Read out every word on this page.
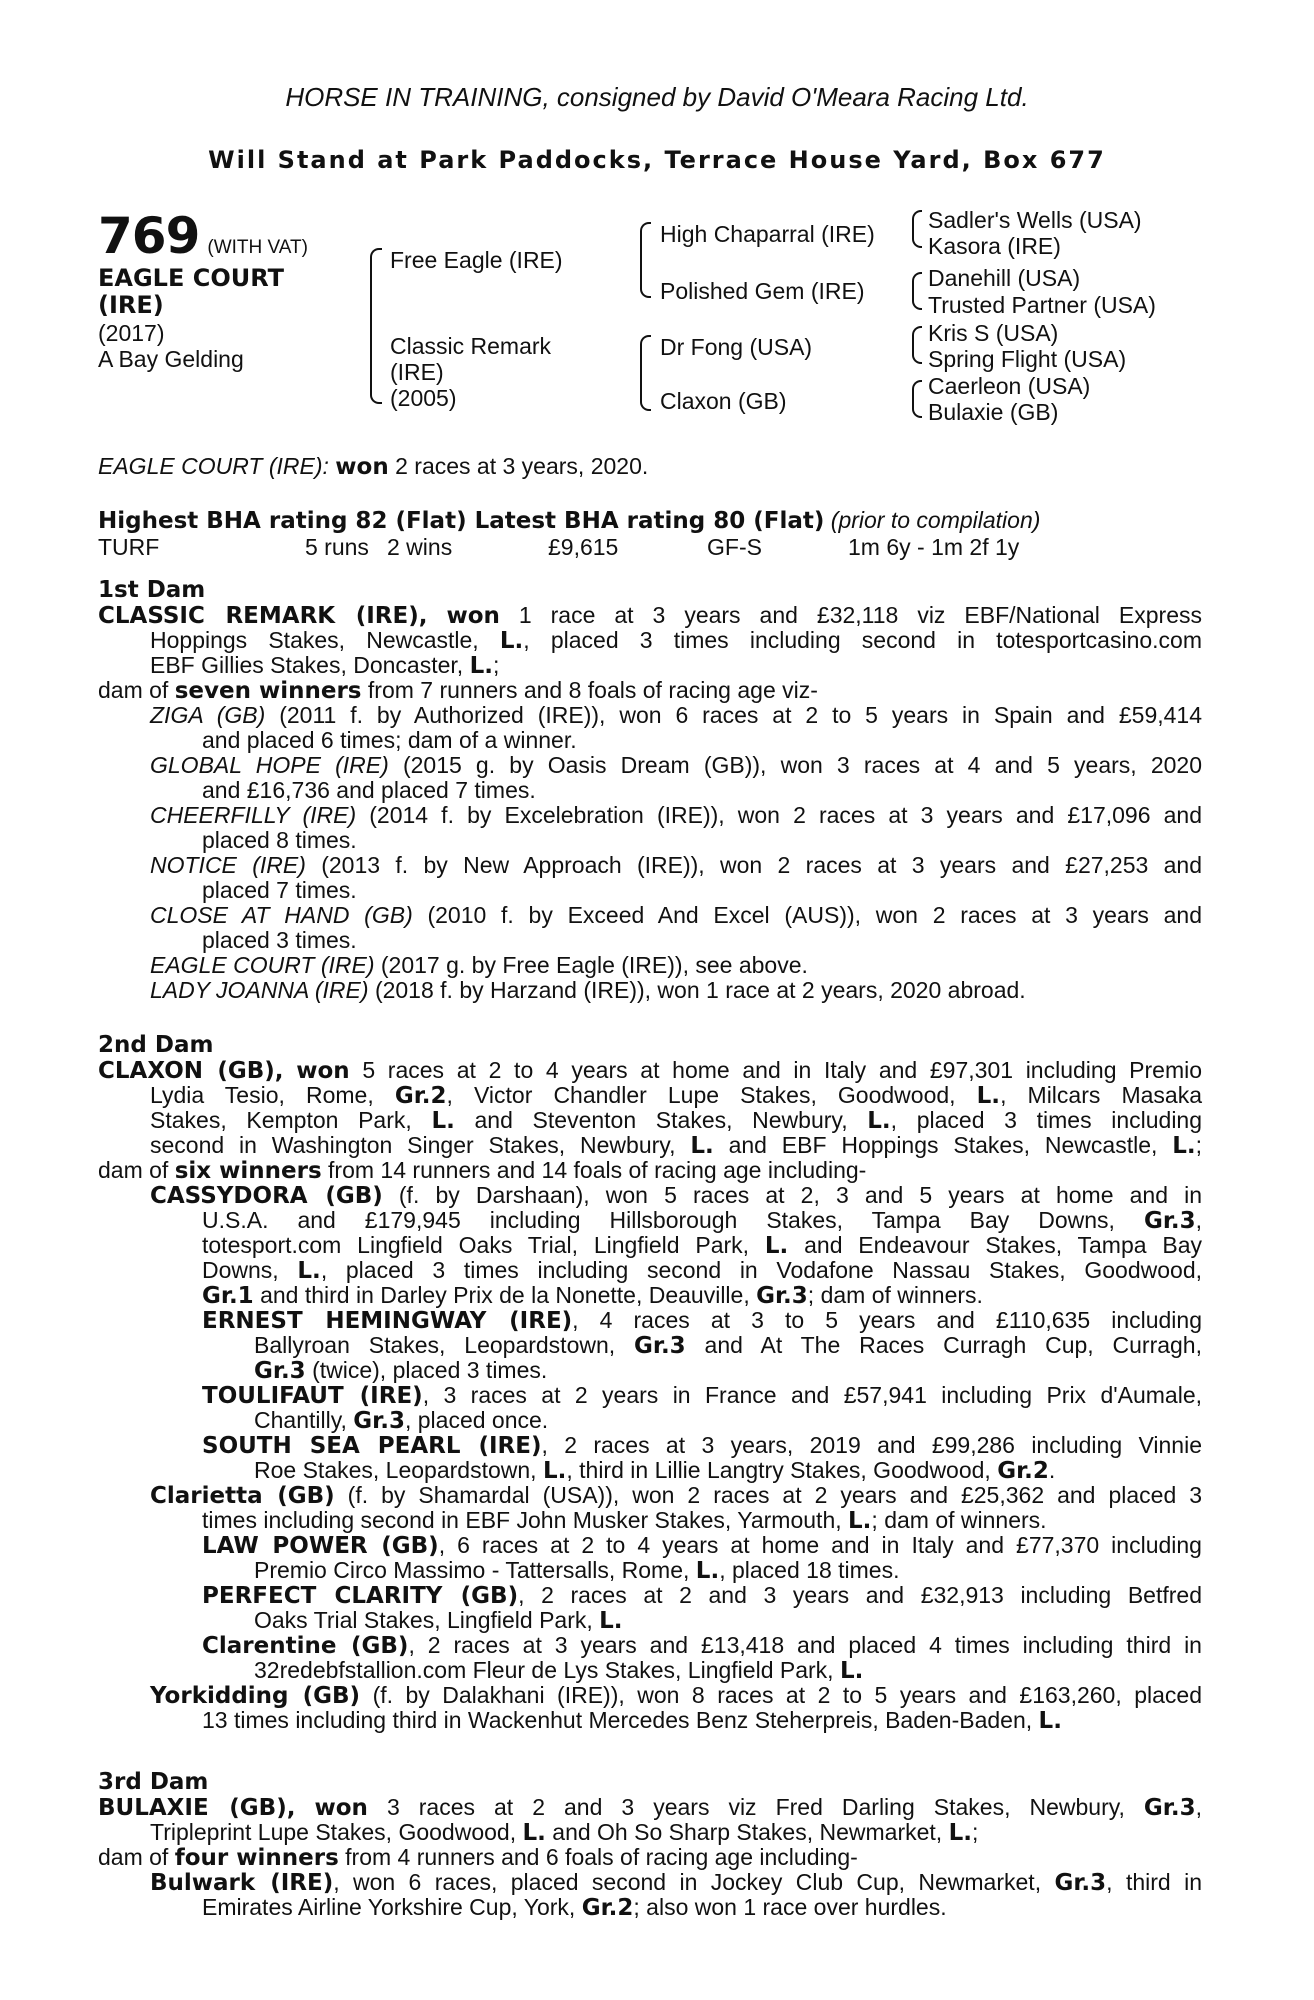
HORSE IN TRAINING, consigned by David O'Meara Racing Ltd.
Will Stand at Park Paddocks, Terrace House Yard, Box 677
769 (WITH VAT)
EAGLE COURT (IRE)
(2017)
A Bay Gelding
Free Eagle (IRE)
Classic Remark
(IRE)
(2005)
High Chaparral (IRE)
Polished Gem (IRE)
Dr Fong (USA)
Claxon (GB)
Sadler's Wells (USA)
Kasora (IRE)
Danehill (USA)
Trusted Partner (USA)
Kris S (USA)
Spring Flight (USA)
Caerleon (USA)
Bulaxie (GB)
EAGLE COURT (IRE): won 2 races at 3 years, 2020.
Highest BHA rating 82 (Flat) Latest BHA rating 80 (Flat) (prior to compilation)
TURF	5 runs 2 wins	£9,615	GF-S	1m 6y - 1m 2f 1y
1st Dam
CLASSIC REMARK (IRE), won 1 race at 3 years and £32,118 viz EBF/National Express
Hoppings Stakes, Newcastle, L., placed 3 times including second in totesportcasino.com
EBF Gillies Stakes, Doncaster, L.;
dam of seven winners from 7 runners and 8 foals of racing age viz-
ZIGA (GB) (2011 f. by Authorized (IRE)), won 6 races at 2 to 5 years in Spain and £59,414
and placed 6 times; dam of a winner.
GLOBAL HOPE (IRE) (2015 g. by Oasis Dream (GB)), won 3 races at 4 and 5 years, 2020
and £16,736 and placed 7 times.
CHEERFILLY (IRE) (2014 f. by Excelebration (IRE)), won 2 races at 3 years and £17,096 and
placed 8 times.
NOTICE (IRE) (2013 f. by New Approach (IRE)), won 2 races at 3 years and £27,253 and
placed 7 times.
CLOSE AT HAND (GB) (2010 f. by Exceed And Excel (AUS)), won 2 races at 3 years and
placed 3 times.
EAGLE COURT (IRE) (2017 g. by Free Eagle (IRE)), see above.
LADY JOANNA (IRE) (2018 f. by Harzand (IRE)), won 1 race at 2 years, 2020 abroad.
2nd Dam
CLAXON (GB), won 5 races at 2 to 4 years at home and in Italy and £97,301 including Premio
Lydia Tesio, Rome, Gr.2, Victor Chandler Lupe Stakes, Goodwood, L., Milcars Masaka
Stakes, Kempton Park, L. and Steventon Stakes, Newbury, L., placed 3 times including
second in Washington Singer Stakes, Newbury, L. and EBF Hoppings Stakes, Newcastle, L.;
dam of six winners from 14 runners and 14 foals of racing age including-
CASSYDORA (GB) (f. by Darshaan), won 5 races at 2, 3 and 5 years at home and in
U.S.A. and £179,945 including Hillsborough Stakes, Tampa Bay Downs, Gr.3,
totesport.com Lingfield Oaks Trial, Lingfield Park, L. and Endeavour Stakes, Tampa Bay
Downs, L., placed 3 times including second in Vodafone Nassau Stakes, Goodwood,
Gr.1 and third in Darley Prix de la Nonette, Deauville, Gr.3; dam of winners.
ERNEST HEMINGWAY (IRE), 4 races at 3 to 5 years and £110,635 including
Ballyroan Stakes, Leopardstown, Gr.3 and At The Races Curragh Cup, Curragh,
Gr.3 (twice), placed 3 times.
TOULIFAUT (IRE), 3 races at 2 years in France and £57,941 including Prix d'Aumale,
Chantilly, Gr.3, placed once.
SOUTH SEA PEARL (IRE), 2 races at 3 years, 2019 and £99,286 including Vinnie
Roe Stakes, Leopardstown, L., third in Lillie Langtry Stakes, Goodwood, Gr.2.
Clarietta (GB) (f. by Shamardal (USA)), won 2 races at 2 years and £25,362 and placed 3
times including second in EBF John Musker Stakes, Yarmouth, L.; dam of winners.
LAW POWER (GB), 6 races at 2 to 4 years at home and in Italy and £77,370 including
Premio Circo Massimo - Tattersalls, Rome, L., placed 18 times.
PERFECT CLARITY (GB), 2 races at 2 and 3 years and £32,913 including Betfred
Oaks Trial Stakes, Lingfield Park, L.
Clarentine (GB), 2 races at 3 years and £13,418 and placed 4 times including third in
32redebfstallion.com Fleur de Lys Stakes, Lingfield Park, L.
Yorkidding (GB) (f. by Dalakhani (IRE)), won 8 races at 2 to 5 years and £163,260, placed
13 times including third in Wackenhut Mercedes Benz Steherpreis, Baden-Baden, L.
3rd Dam
BULAXIE (GB), won 3 races at 2 and 3 years viz Fred Darling Stakes, Newbury, Gr.3,
Tripleprint Lupe Stakes, Goodwood, L. and Oh So Sharp Stakes, Newmarket, L.;
dam of four winners from 4 runners and 6 foals of racing age including-
Bulwark (IRE), won 6 races, placed second in Jockey Club Cup, Newmarket, Gr.3, third in
Emirates Airline Yorkshire Cup, York, Gr.2; also won 1 race over hurdles.
